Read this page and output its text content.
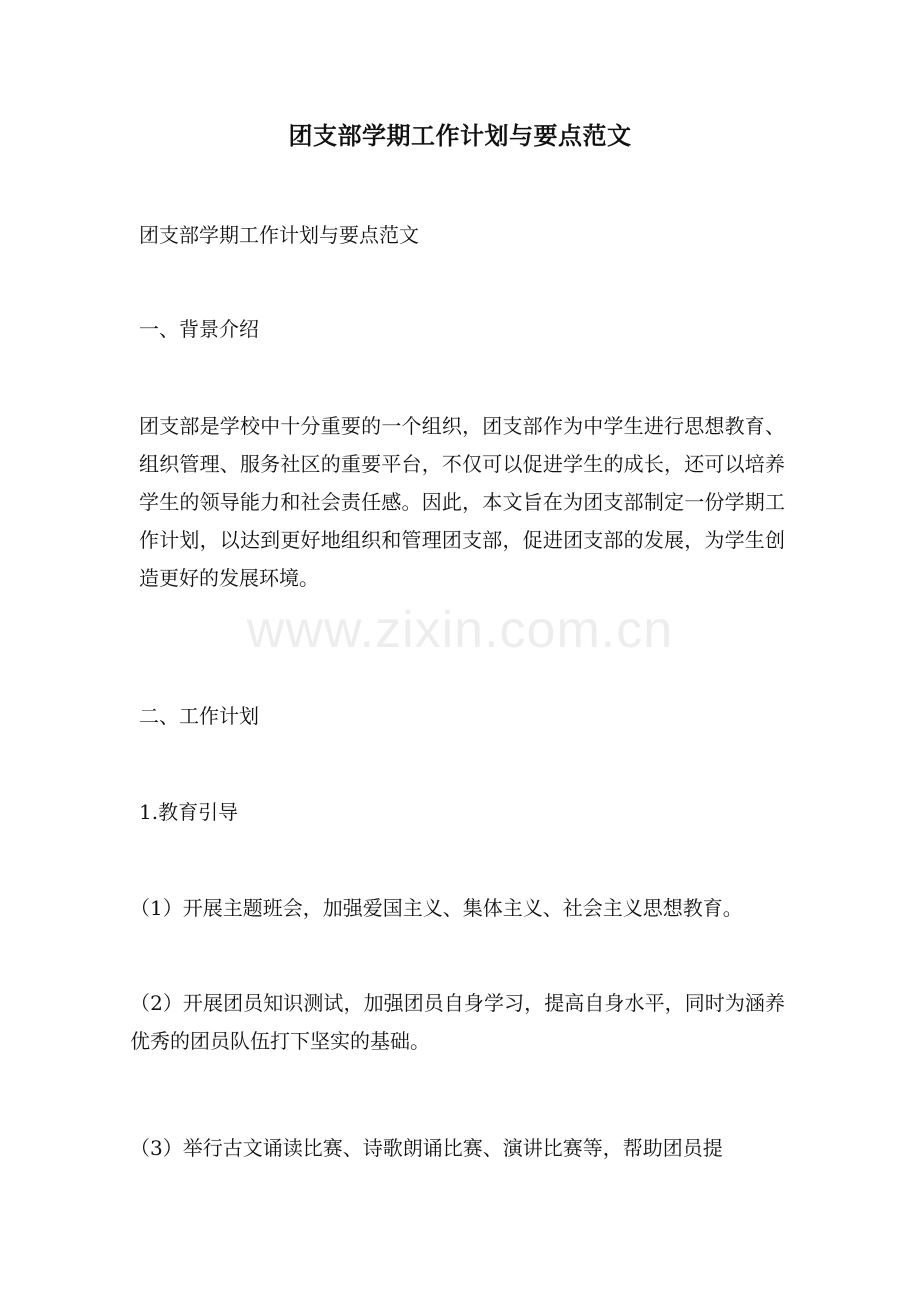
团支部学期工作计划与要点范文

团支部学期工作计划与要点范文

一、背景介绍

团支部是学校中十分重要的一个组织，团支部作为中学生进行思想教育、组织管理、服务社区的重要平台，不仅可以促进学生的成长，还可以培养学生的领导能力和社会责任感。因此，本文旨在为团支部制定一份学期工作计划，以达到更好地组织和管理团支部，促进团支部的发展，为学生创造更好的发展环境。

二、工作计划

1.教育引导

（1）开展主题班会，加强爱国主义、集体主义、社会主义思想教育。

（2）开展团员知识测试，加强团员自身学习，提高自身水平，同时为涵养优秀的团员队伍打下坚实的基础。

（3）举行古文诵读比赛、诗歌朗诵比赛、演讲比赛等，帮助团员提

www.zixin.com.cn
